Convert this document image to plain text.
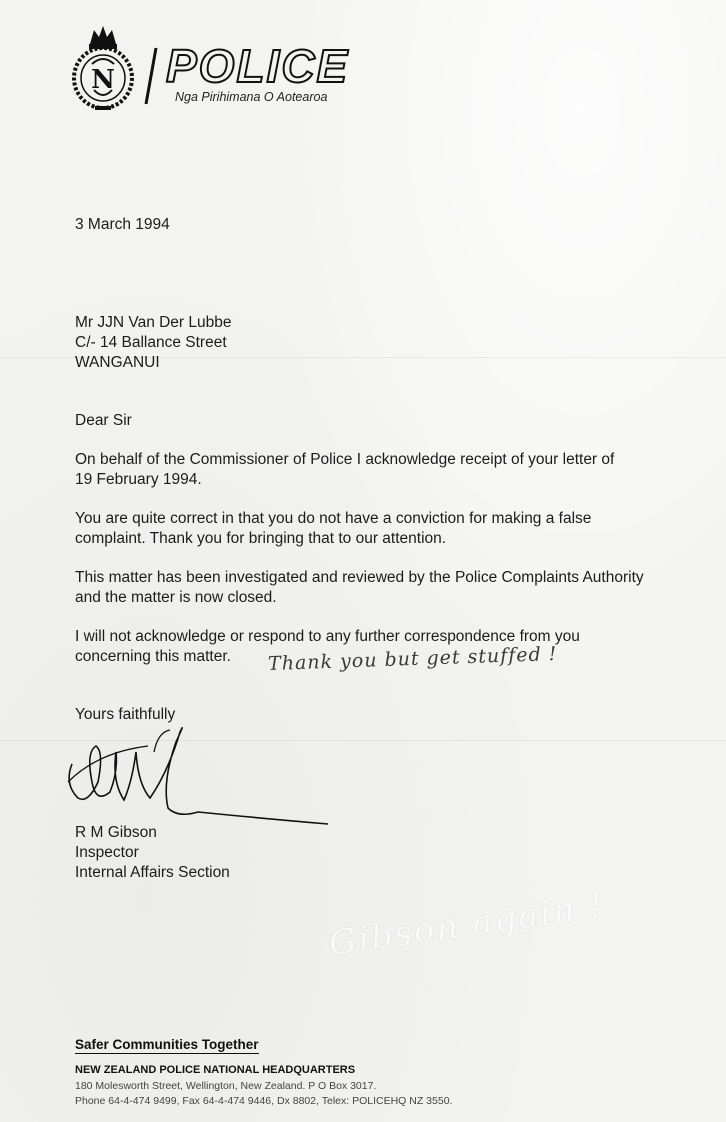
N POLICE
Nga Pirihimana O Aotearoa
3 March 1994
Mr JJN Van Der Lubbe
C/- 14 Ballance Street
WANGANUI
Dear Sir
On behalf of the Commissioner of Police I acknowledge receipt of your letter of
19 February 1994.
You are quite correct in that you do not have a conviction for making a false
complaint. Thank you for bringing that to our attention.
This matter has been investigated and reviewed by the Police Complaints Authority
and the matter is now closed.
I will not acknowledge or respond to any further correspondence from you
concerning this matter. Thank you but get stuffed !
Yours faithfully
R M Gibson
Inspector
Internal Affairs Section
Gibson again !
Safer Communities Together
NEW ZEALAND POLICE NATIONAL HEADQUARTERS
180 Molesworth Street, Wellington, New Zealand. P O Box 3017.
Phone 64-4-474 9499, Fax 64-4-474 9446, Dx 8802, Telex: POLICEHQ NZ 3550.
